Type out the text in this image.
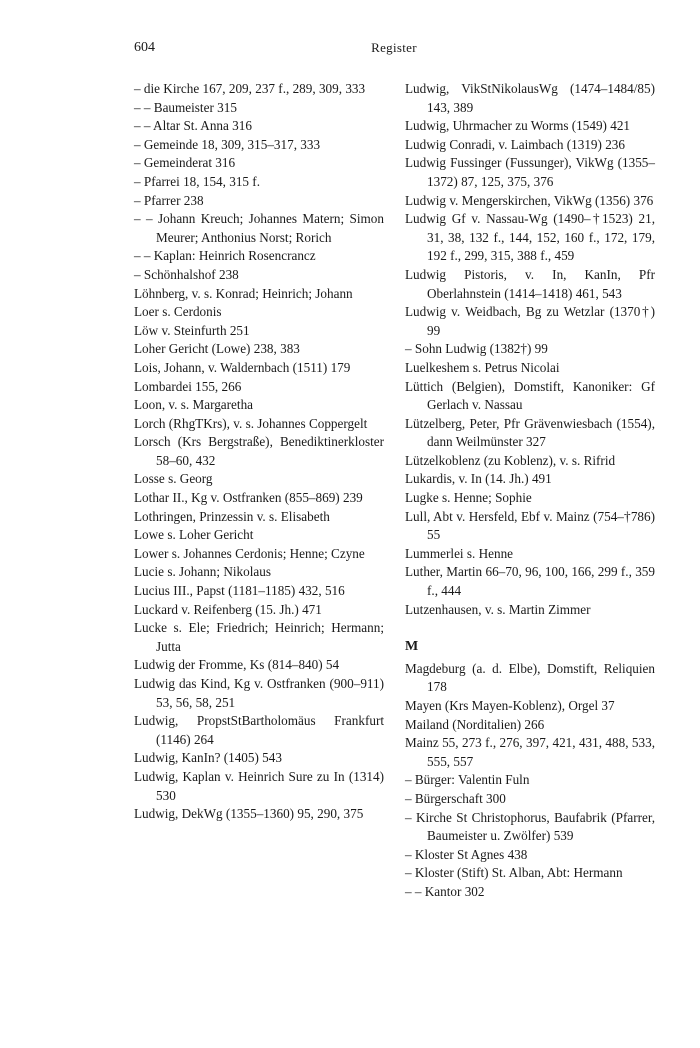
604	Register

– die Kirche 167, 209, 237 f., 289, 309, 333

– – Baumeister 315

– – Altar St. Anna 316

– Gemeinde 18, 309, 315–317, 333

– Gemeinderat 316

– Pfarrei 18, 154, 315 f.

– Pfarrer 238

– – Johann Kreuch; Johannes Matern; Simon Meurer; Anthonius Norst; Rorich

– – Kaplan: Heinrich Rosencrancz

– Schönhalshof 238

Löhnberg, v. s. Konrad; Heinrich; Johann

Loer s. Cerdonis

Löw v. Steinfurth 251

Loher Gericht (Lowe) 238, 383

Lois, Johann, v. Waldernbach (1511) 179

Lombardei 155, 266

Loon, v. s. Margaretha

Lorch (RhgTKrs), v. s. Johannes Coppergelt

Lorsch (Krs Bergstraße), Benediktinerkloster 58–60, 432

Losse s. Georg

Lothar II., Kg v. Ostfranken (855–869) 239

Lothringen, Prinzessin v. s. Elisabeth

Lowe s. Loher Gericht

Lower s. Johannes Cerdonis; Henne; Czyne

Lucie s. Johann; Nikolaus

Lucius III., Papst (1181–1185) 432, 516

Luckard v. Reifenberg (15. Jh.) 471

Lucke s. Ele; Friedrich; Heinrich; Hermann; Jutta

Ludwig der Fromme, Ks (814–840) 54

Ludwig das Kind, Kg v. Ostfranken (900–911) 53, 56, 58, 251

Ludwig, PropstStBartholomäus Frankfurt (1146) 264

Ludwig, KanIn? (1405) 543

Ludwig, Kaplan v. Heinrich Sure zu In (1314) 530

Ludwig, DekWg (1355–1360) 95, 290, 375

Ludwig, VikStNikolausWg (1474–1484/85) 143, 389

Ludwig, Uhrmacher zu Worms (1549) 421

Ludwig Conradi, v. Laimbach (1319) 236

Ludwig Fussinger (Fussunger), VikWg (1355–1372) 87, 125, 375, 376

Ludwig v. Mengerskirchen, VikWg (1356) 376

Ludwig Gf v. Nassau-Wg (1490–†1523) 21, 31, 38, 132 f., 144, 152, 160 f., 172, 179, 192 f., 299, 315, 388 f., 459

Ludwig Pistoris, v. In, KanIn, Pfr Oberlahnstein (1414–1418) 461, 543

Ludwig v. Weidbach, Bg zu Wetzlar (1370†) 99

– Sohn Ludwig (1382†) 99

Luelkeshem s. Petrus Nicolai

Lüttich (Belgien), Domstift, Kanoniker: Gf Gerlach v. Nassau

Lützelberg, Peter, Pfr Grävenwiesbach (1554), dann Weilmünster 327

Lützelkoblenz (zu Koblenz), v. s. Rifrid

Lukardis, v. In (14. Jh.) 491

Lugke s. Henne; Sophie

Lull, Abt v. Hersfeld, Ebf v. Mainz (754–†786) 55

Lummerlei s. Henne

Luther, Martin 66–70, 96, 100, 166, 299 f., 359 f., 444

Lutzenhausen, v. s. Martin Zimmer

M

Magdeburg (a. d. Elbe), Domstift, Reliquien 178

Mayen (Krs Mayen-Koblenz), Orgel 37

Mailand (Norditalien) 266

Mainz 55, 273 f., 276, 397, 421, 431, 488, 533, 555, 557

– Bürger: Valentin Fuln

– Bürgerschaft 300

– Kirche St Christophorus, Baufabrik (Pfarrer, Baumeister u. Zwölfer) 539

– Kloster St Agnes 438

– Kloster (Stift) St. Alban, Abt: Hermann

– – Kantor 302
